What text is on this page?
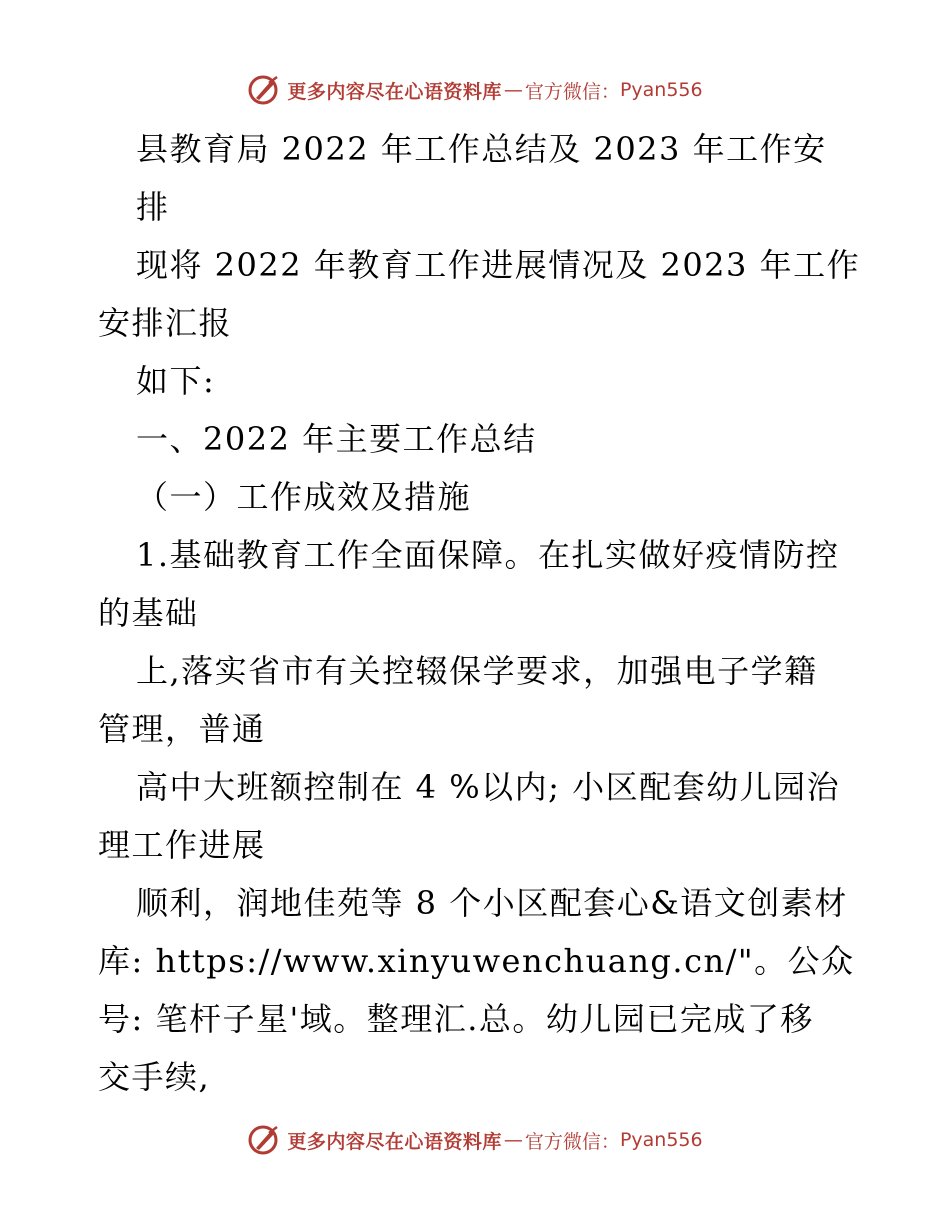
更多内容尽在心语资料库 — 官方微信： Pyan556
县教育局 2022 年工作总结及 2023 年工作安
排
现将 2022 年教育工作进展情况及 2023 年工作
安排汇报
如下:
一、2022 年主要工作总结
（一）工作成效及措施
1.基础教育工作全面保障。在扎实做好疫情防控
的基础
上,落实省市有关控辍保学要求，加强电子学籍
管理，普通
高中大班额控制在 4 %以内; 小区配套幼儿园治
理工作进展
顺利，润地佳苑等 8 个小区配套心&语文创素材
库: https://www.xinyuwenchuang.cn/"。公众
号: 笔杆子星'域。整理汇.总。幼儿园已完成了移
交手续,
更多内容尽在心语资料库 — 官方微信： Pyan556
